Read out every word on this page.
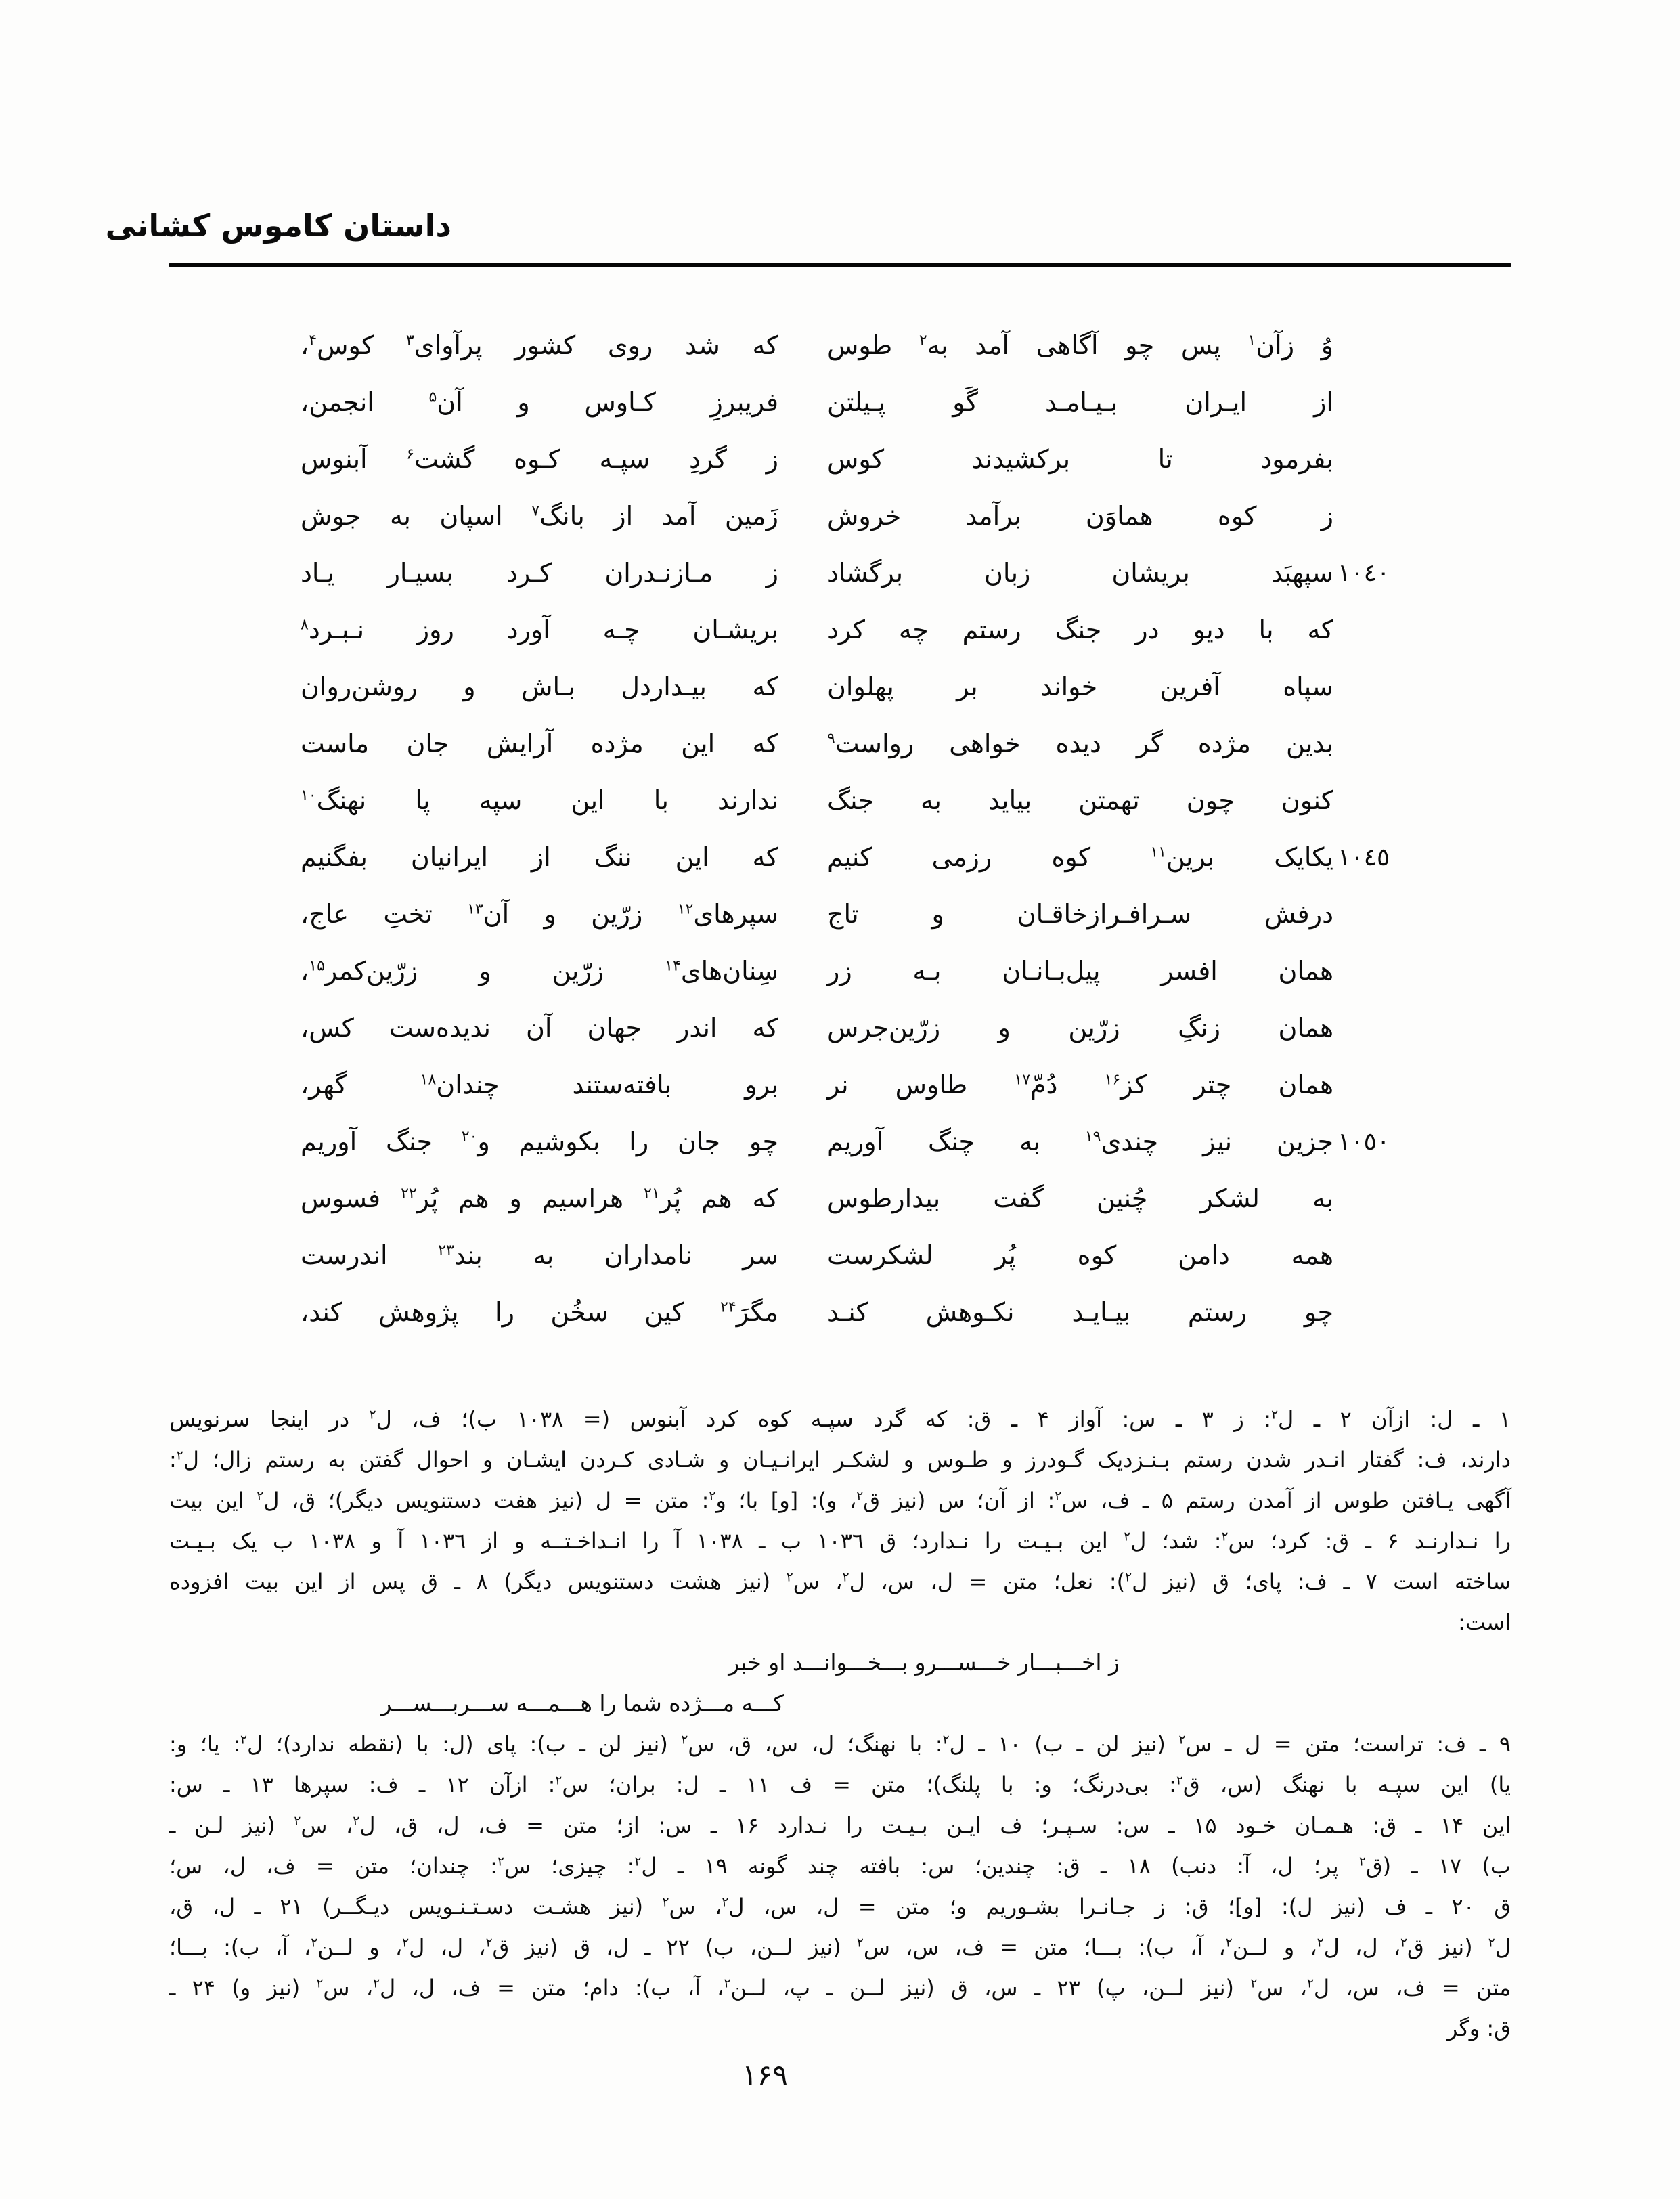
داستان کاموس کشانی
وُ زآن$^۱$ پس چو آگاهی آمد به$^۲$ طوس
که شد روی کشور پرآوای$^۳$ کوس$^۴$،
از ایـران بـیـامـد گَو پـیلتن
فریبرزِ کـاوس و آن$^۵$ انجمن،
بفرمود تا برکشیدند کوس
ز گردِ سپـه کـوه گشت$^۶$ آبنوس
ز کوه هماوَن برآمد خروش
زَمین آمد از بانگ$^۷$ اسپان به جوش
١٠٤٠
سپهبَد بریشان زبان برگشاد
ز مـازنـدران کـرد بسیـار یـاد
که با دیو در جنگ رستم چه کرد
بریشـان چـه آورد روز نـبـرد$^۸$
سپاه آفرین خواند بر پهلوان
که بیـداردل بـاش و روشن‌روان
بدین مژده گر دیده خواهی رواست$^۹$
که این مژده آرایش جان ماست
کنون چون تهمتن بیاید به جنگ
ندارند با این سپه پا نهنگ$^{۱۰}$
١٠٤٥
یکایک برین$^{۱۱}$ کوه رزمی کنیم
که این ننگ از ایرانیان بفگنیم
درفش سـرافـرازخاقـان و تاج
سپرهای$^{۱۲}$ زرّین و آن$^{۱۳}$ تختِ عاج،
همان افسر پیل‌بـانـان بـه زر
سِنان‌های$^{۱۴}$ زرّین و زرّین‌کمر$^{۱۵}$،
همان زنگِ زرّین و زرّین‌جرس
که اندر جهان آن ندیده‌ست کس،
همان چتر کز$^{۱۶}$ دُمّ$^{۱۷}$ طاوس نر
برو بافته‌ستند چندان$^{۱۸}$ گهر،
١٠٥٠
جزین نیز چندی$^{۱۹}$ به چنگ آوریم
چو جان را بکوشیم و$^{۲۰}$ جنگ آوریم
به لشکر چُنین گفت بیدارطوس
که هم پُر$^{۲۱}$ هراسیم و هم پُر$^{۲۲}$ فسوس
همه دامن کوه پُر لشکرست
سر نامداران به بند$^{۲۳}$ اندرست
چو رستم بیـایـد نکـوهش کنـد
مگرَ$^{۲۴}$ کین سخُن را پژوهش کند،
۱ ـ ل: ازآن ۲ ـ ل$^۲$: ز ۳ ـ س: آواز ۴ ـ ق: که گرد سپـه کوه کرد آبنوس (= ١٠٣٨ ب)؛ ف، ل$^۲$ در اینجا سرنویس
دارند، ف: گفتار انـدر شدن رستم بـنـزدیک گـودرز و طـوس و لشکـر ایرانـیـان و شـادی کـردن ایشـان و احوال گفتن به رستم زال؛ ل$^۲$:
آگهی یـافتن طوس از آمدن رستم ۵ ـ ف، س$^۲$: از آن؛ س (نیز ق$^۲$، و): [و] با؛ و$^۲$: متن = ل (نیز هفت دستنویس دیگر)؛ ق، ل$^۲$ این بیت
را نـدارنـد ۶ ـ ق: کرد؛ س$^۲$: شد؛ ل$^۲$ این بـیـت را نـدارد؛ ق ١٠٣٦ ب ـ ١٠٣٨ آ را انـداخـتــه و از ١٠٣٦ آ و ١٠٣٨ ب یک بـیـت
ساخته است ۷ ـ ف: پای؛ ق (نیز ل$^۲$): نعل؛ متن = ل، س، ل$^۲$، س$^۲$ (نیز هشت دستنویس دیگر) ۸ ـ ق پس از این بیت افزوده
است:
ز اخـــبـــار خـــســـرو بـــخـــوانـــد او خبر
کـــه مـــژده شما را هـــمـــه ســـربـــســـر
۹ ـ ف: تراست؛ متن = ل ـ س$^۲$ (نیز لن ـ ب) ۱۰ ـ ل$^۲$: با نهنگ؛ ل، س، ق، س$^۲$ (نیز لن ـ ب): پای (ل: با (نقطه ندارد)؛ ل$^۲$: یا؛ و:
یا) این سپـه با نهنگ (س، ق$^۲$: بی‌درنگ؛ و: با پلنگ)؛ متن = ف ۱۱ ـ ل: بران؛ س$^۲$: ازآن ۱۲ ـ ف: سپرها ۱۳ ـ س:
این ۱۴ ـ ق: هـمـان خـود ۱۵ ـ س: سـپـر؛ ف ایـن بـیـت را نـدارد ۱۶ ـ س: از؛ متن = ف، ل، ق، ل$^۲$، س$^۲$ (نیز لـن ـ
ب) ۱۷ ـ (ق$^۲$ پر؛ ل، آ: دنب) ۱۸ ـ ق: چندین؛ س: بافته چند گونه ۱۹ ـ ل$^۲$: چیزی؛ س$^۲$: چندان؛ متن = ف، ل، س؛
ق ۲۰ ـ ف (نیز ل): [و]؛ ق: ز جـانـرا بشـوریم و؛ متن = ل، س، ل$^۲$، س$^۲$ (نیز هشـت دسـتـنـویس دیـگــر) ۲۱ ـ ل، ق،
ل$^۲$ (نیز ق$^۲$، ل، ل$^۲$، و لــن$^۲$، آ، ب): بـــا؛ متن = ف، س، س$^۲$ (نیز لــن، ب) ۲۲ ـ ل، ق (نیز ق$^۲$، ل، ل$^۲$، و لــن$^۲$، آ، ب): بـــا؛
متن = ف، س، ل$^۲$، س$^۲$ (نیز لــن، پ) ۲۳ ـ س، ق (نیز لــن ـ پ، لــن$^۲$، آ، ب): دام؛ متن = ف، ل، ل$^۲$، س$^۲$ (نیز و) ۲۴ ـ
ق: وگر
۱۶۹
